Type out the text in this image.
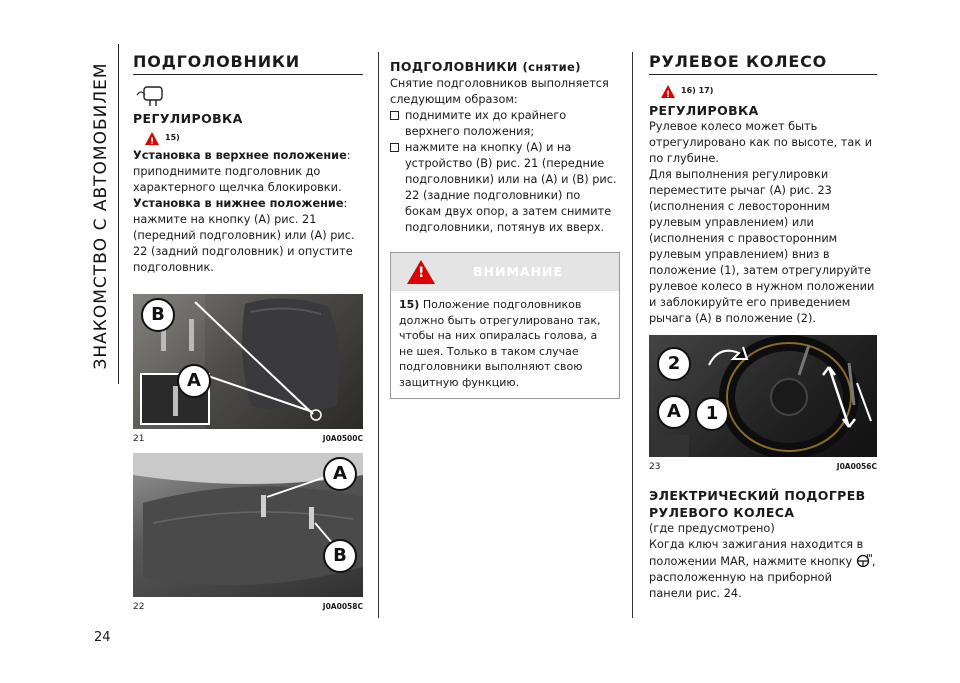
ЗНАКОМСТВО С АВТОМОБИЛЕМ
24
ПОДГОЛОВНИКИ
РЕГУЛИРОВКА
!
15)

Установка в верхнее положение: приподнимите подголовник до характерного щелчка блокировки.

Установка в нижнее положение: нажмите на кнопку (A) рис. 21 (передний подголовник) или (A) рис. 22 (задний подголовник) и опустите подголовник.

B
A
21	J0A0500C
A
B
22	J0A0058C
ПОДГОЛОВНИКИ (снятие)

Снятие подголовников выполняется следующим образом:

поднимите их до крайнего верхнего положения;
нажмите на кнопку (A) и на устройство (B) рис. 21 (передние подголовники) или на (A) и (B) рис. 22 (задние подголовники) по бокам двух опор, а затем снимите подголовники, потянув их вверх.
!
ВНИМАНИЕ
15) Положение подголовников должно быть отрегулировано так, чтобы на них опиралась голова, а не шея. Только в таком случае подголовники выполняют свою защитную функцию.
РУЛЕВОЕ КОЛЕСО
!
16) 17)
РЕГУЛИРОВКА

Рулевое колесо может быть отрегулировано как по высоте, так и по глубине.

Для выполнения регулировки переместите рычаг (A) рис. 23 (исполнения с левосторонним рулевым управлением) или (исполнения с правосторонним рулевым управлением) вниз в положение (1), затем отрегулируйте рулевое колесо в нужном положении и заблокируйте его приведением рычага (A) в положение (2).

2
A	1
23	J0A0056C
ЭЛЕКТРИЧЕСКИЙ ПОДОГРЕВ РУЛЕВОГО КОЛЕСА

(где предусмотрено)

Когда ключ зажигания находится в положении MAR, нажмите кнопку , расположенную на приборной панели рис. 24.
